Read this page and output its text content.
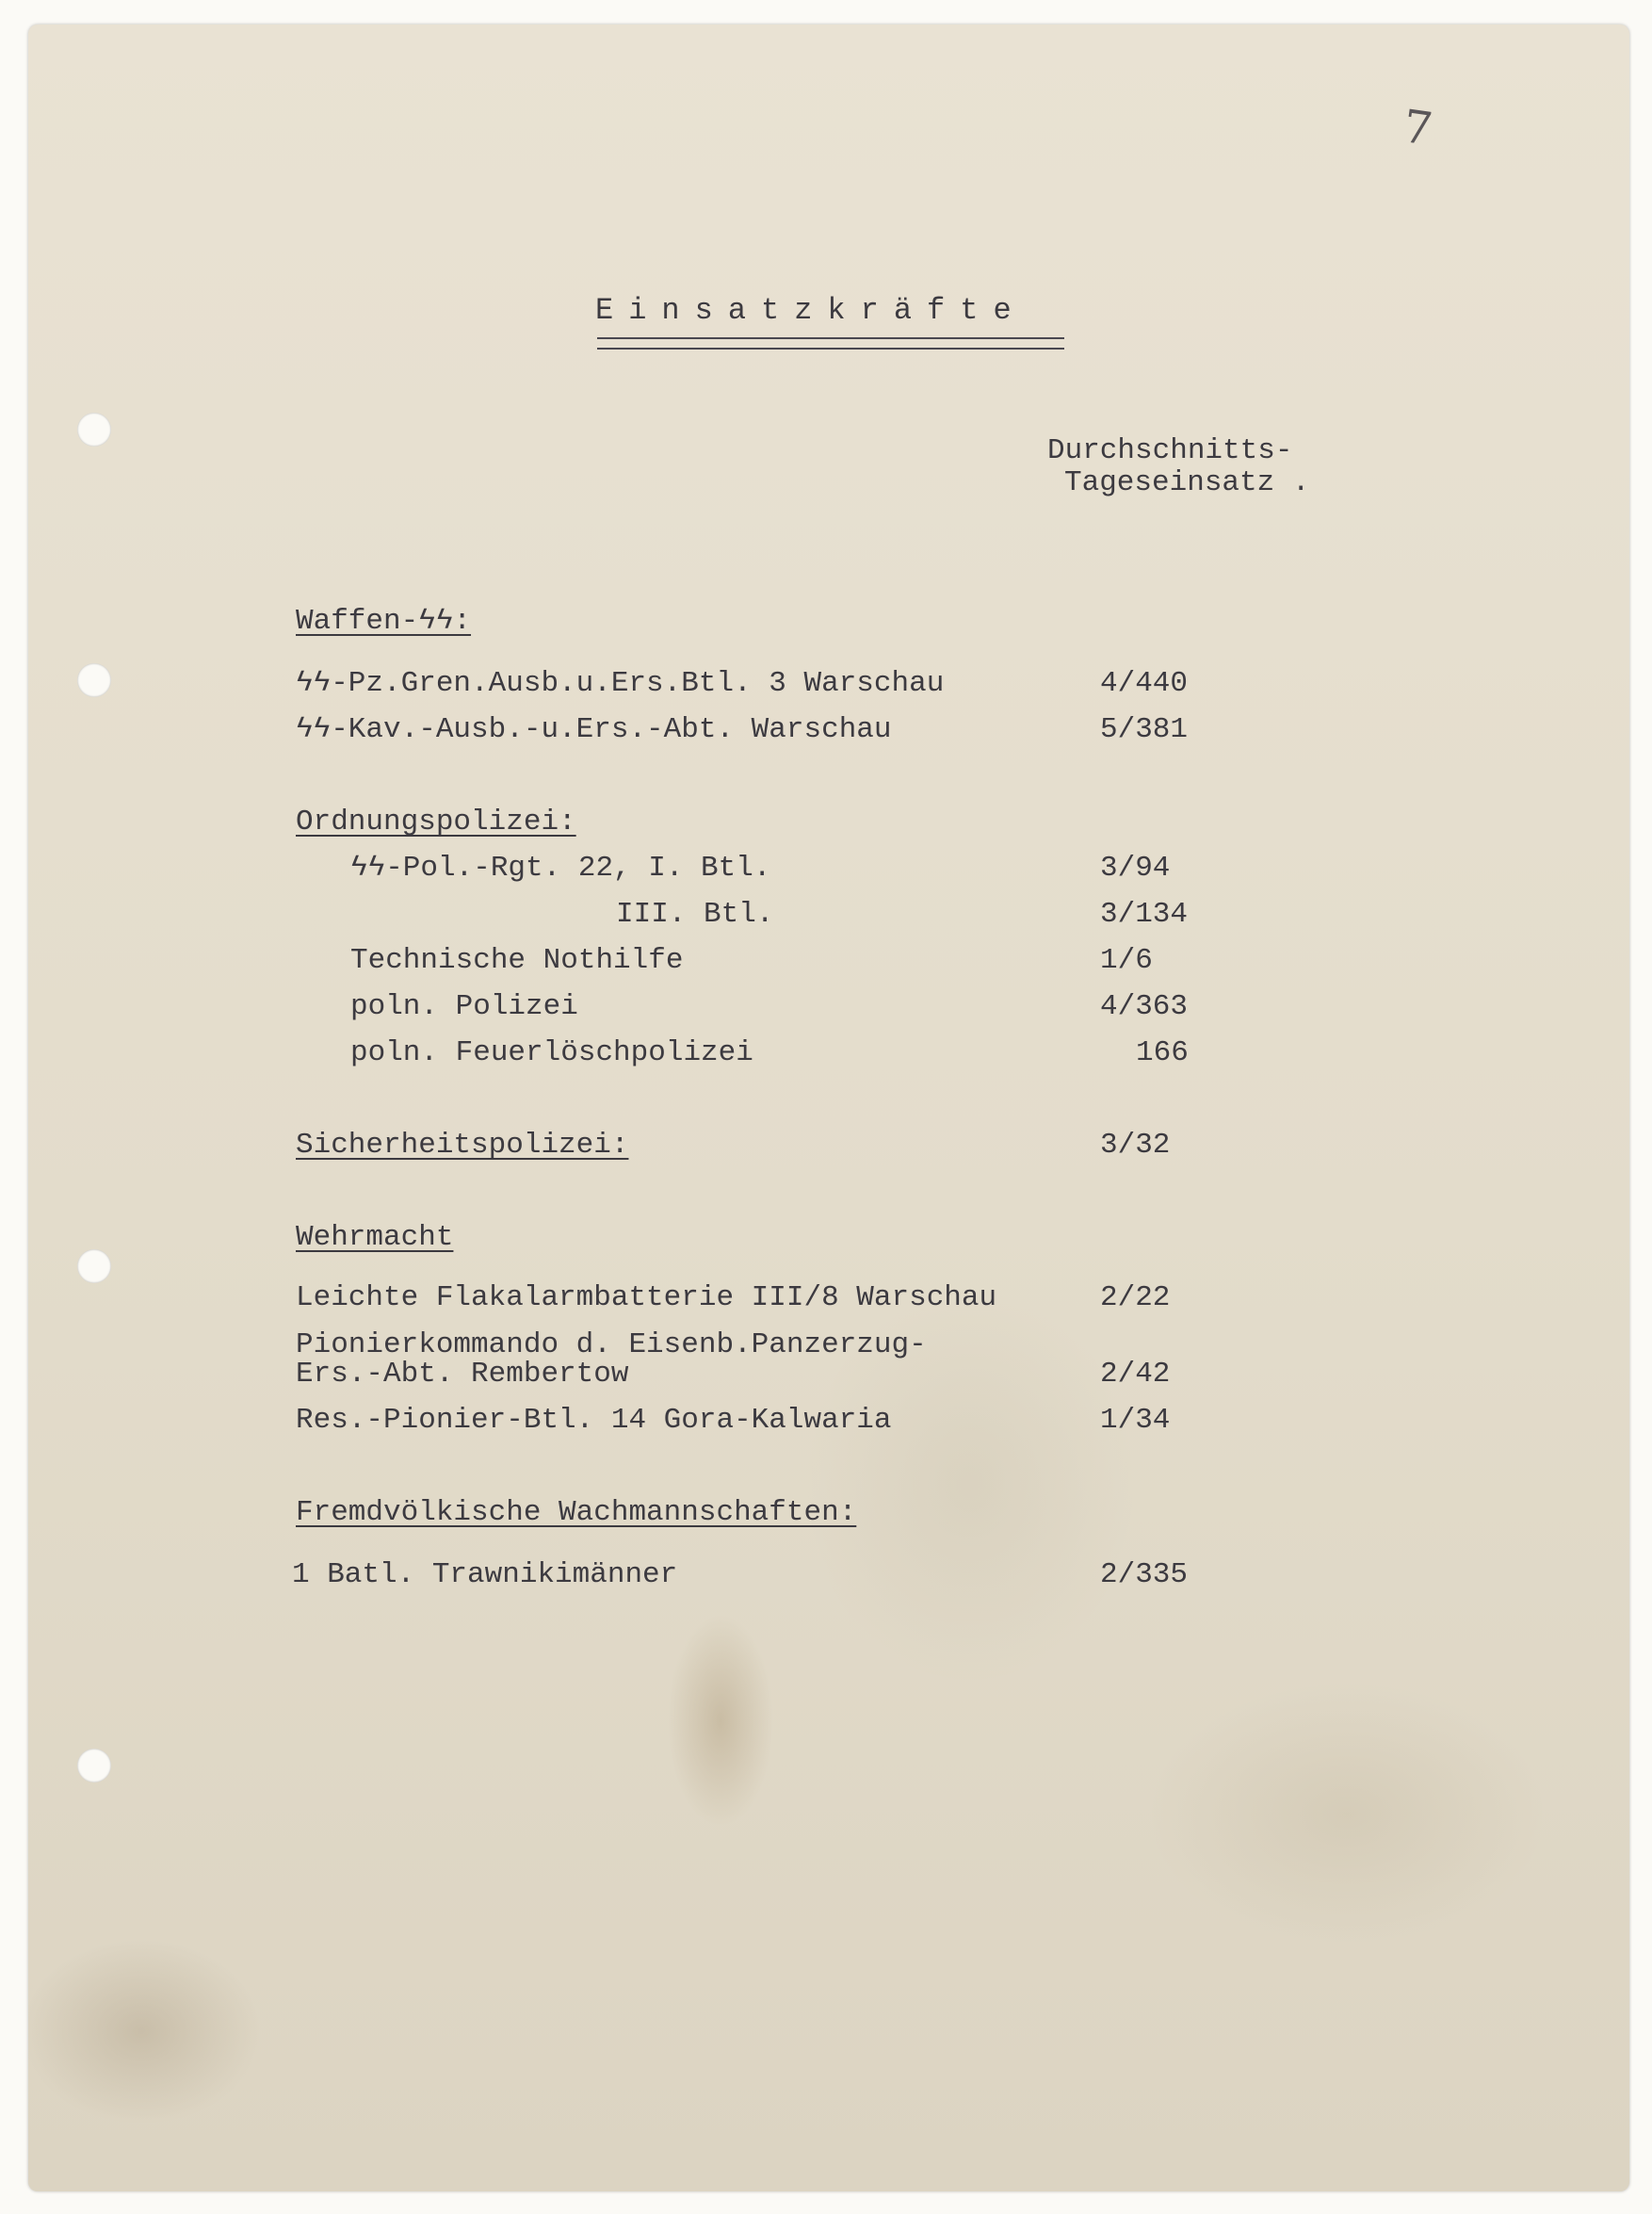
7
Einsatzkräfte
Durchschnitts-
Tageseinsatz .
Waffen-ϟϟ:
ϟϟ-Pz.Gren.Ausb.u.Ers.Btl. 3 Warschau	4/440
ϟϟ-Kav.-Ausb.-u.Ers.-Abt. Warschau	5/381
Ordnungspolizei:
ϟϟ-Pol.-Rgt. 22, I. Btl.	3/94
III. Btl.	3/134
Technische Nothilfe	1/6
poln. Polizei	4/363
poln. Feuerlöschpolizei	166
Sicherheitspolizei:	3/32
Wehrmacht
Leichte Flakalarmbatterie III/8 Warschau	2/22
Pionierkommando d. Eisenb.Panzerzug-
Ers.-Abt. Rembertow	2/42
Res.-Pionier-Btl. 14 Gora-Kalwaria	1/34
Fremdvölkische Wachmannschaften:
1 Batl. Trawnikimänner	2/335
